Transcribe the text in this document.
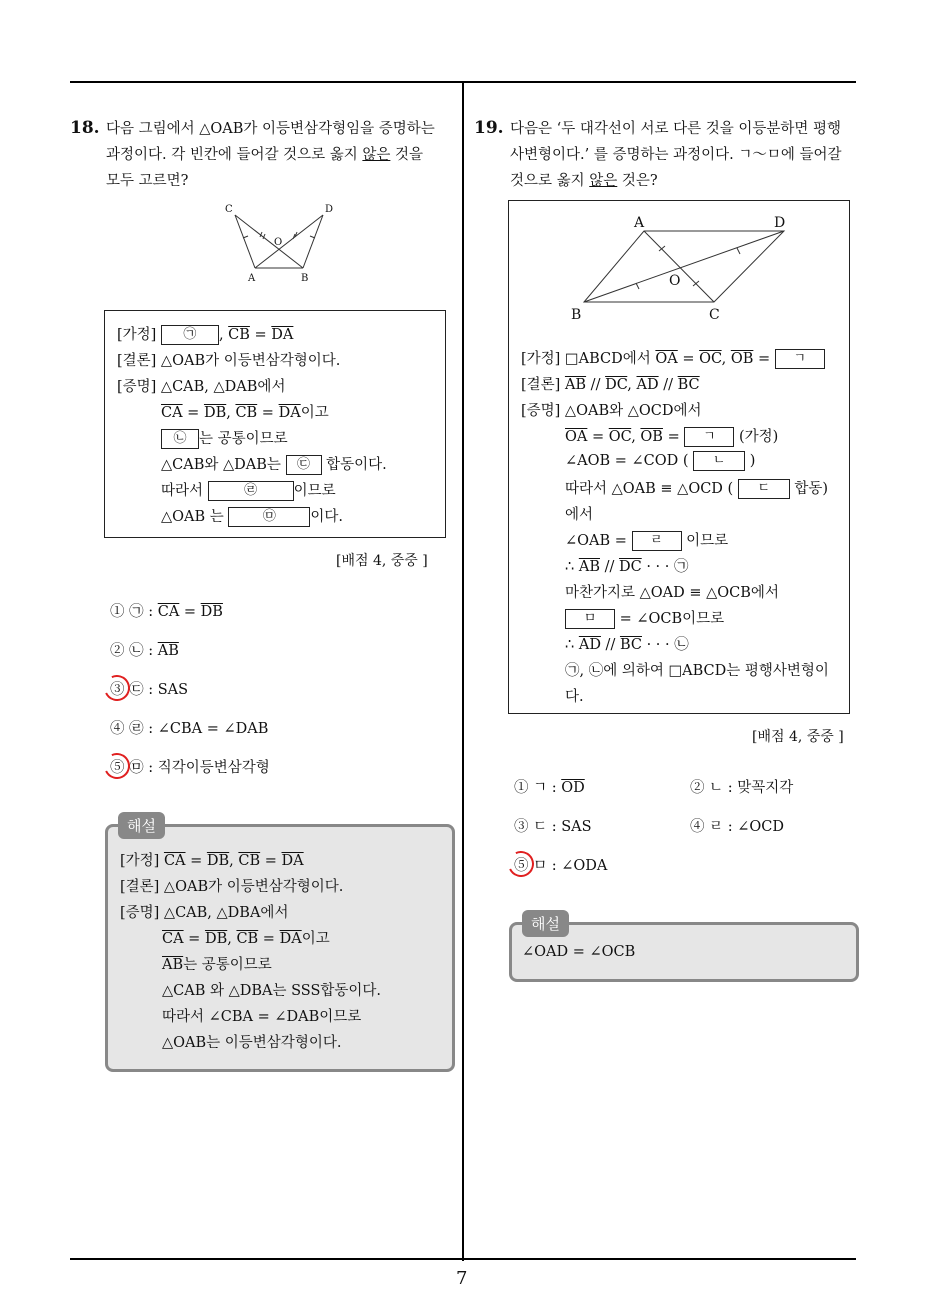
18. 다음 그림에서 △OAB가 이등변삼각형임을 증명하는
과정이다. 각 빈칸에 들어갈 것으로 옳지 않은 것을
모두 고르면?
C	D
O
A	B
[가정] ㉠ , $\overline{CB} = \overline{DA}$
[결론] △OAB가 이등변삼각형이다.
[증명] △CAB, △DAB에서
$\overline{CA} = \overline{DB}$, $\overline{CB} = \overline{DA}$이고
㉡ 는 공통이므로
△CAB와 △DAB는 ㉢ 합동이다.
따라서	㉣	이므로
△OAB 는	㉤ 이다.
[배점 4, 중중 ]
① ㉠ : $\overline{CA} = \overline{DB}$
② ㉡ : $\overline{AB}$
③ ㉢ : SAS
④ ㉣ : ∠CBA = ∠DAB
⑤ ㉤ : 직각이등변삼각형
[가정] $\overline{CA} = \overline{DB}$, $\overline{CB} = \overline{DA}$
[결론] △OAB가 이등변삼각형이다.
[증명] △CAB, △DBA에서
$\overline{CA} = \overline{DB}$, $\overline{CB} = \overline{DA}$이고
$\overline{AB}$는 공통이므로
△CAB 와 △DBA는 SSS합동이다.
따라서 ∠CBA = ∠DAB이므로
△OAB는 이등변삼각형이다.
해설
19. 다음은 ‘두 대각선이 서로 다른 것을 이등분하면 평행
사변형이다.’ 를 증명하는 과정이다. ㄱ～ㅁ에 들어갈
것으로 옳지 않은 것은?
A	D
O
B	C
[가정] □ABCD에서 $\overline{OA} = \overline{OC}$, $\overline{OB}$ = ㄱ
[결론] $\overline{AB} // \overline{DC}$, $\overline{AD} // \overline{BC}$
[증명] △OAB와 △OCD에서
$\overline{OA} = \overline{OC}$, $\overline{OB}$ = ㄱ (가정)
∠AOB = ∠COD ( ㄴ )
따라서 △OAB ≡ △OCD ( ㄷ 합동)
에서
∠OAB = ㄹ 이므로
∴ $\overline{AB} // \overline{DC}$ · · · ㉠
마찬가지로 △OAD ≡ △OCB에서
ㅁ = ∠OCB이므로
∴ $\overline{AD} // \overline{BC}$ · · · ㉡
㉠, ㉡에 의하여 □ABCD는 평행사변형이
다.
[배점 4, 중중 ]
① ㄱ : $\overline{OD}$	② ㄴ : 맞꼭지각
③ ㄷ : SAS	④ ㄹ : ∠OCD
⑤ ㅁ : ∠ODA
∠OAD = ∠OCB
해설
7
